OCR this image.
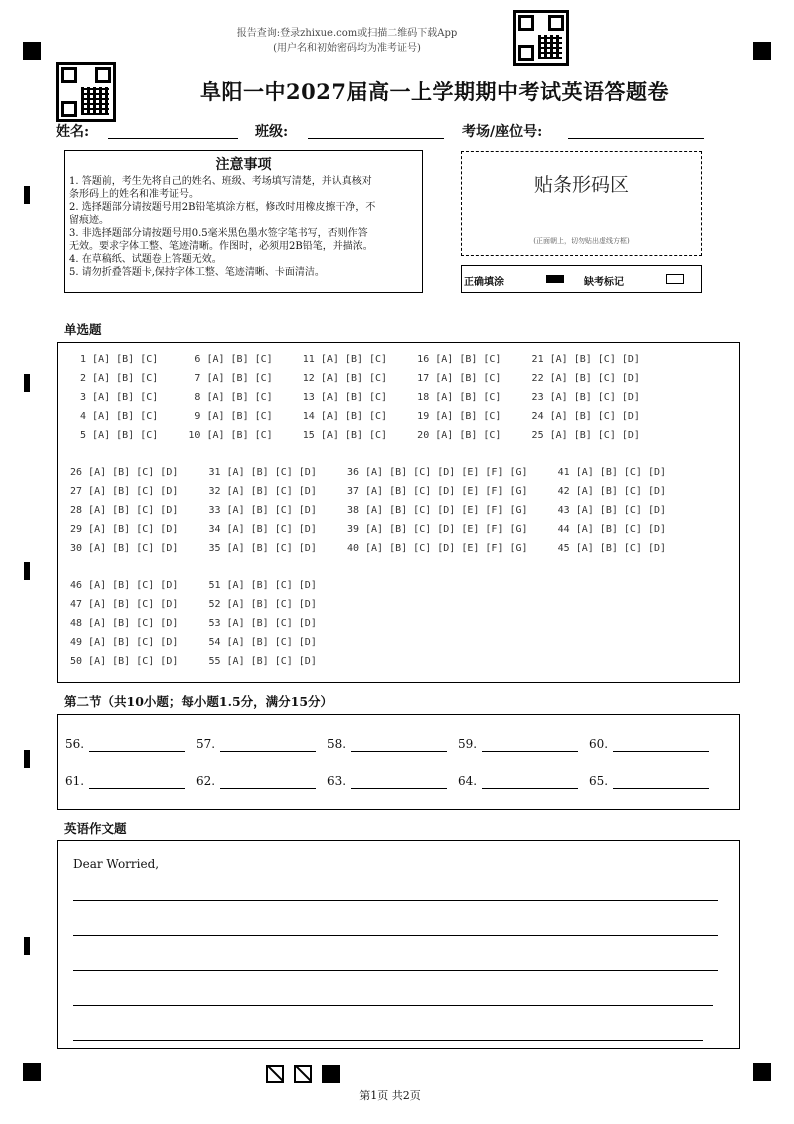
报告查询:登录zhixue.com或扫描二维码下载App
(用户名和初始密码均为准考证号)
阜阳一中2027届高一上学期期中考试英语答题卷
姓名:	班级:	考场/座位号:
注意事项
1. 答题前，考生先将自己的姓名、班级、考场填写清楚，并认真核对
条形码上的姓名和准考证号。
2. 选择题部分请按题号用2B铅笔填涂方框，修改时用橡皮擦干净，不
留痕迹。
3. 非选择题部分请按题号用0.5毫米黑色墨水签字笔书写，否则作答
无效。要求字体工整、笔迹清晰。作图时，必须用2B铅笔，并描浓。
4. 在草稿纸、试题卷上答题无效。
5. 请勿折叠答题卡,保持字体工整、笔迹清晰、卡面清洁。
贴条形码区
(正面朝上，切勿贴出虚线方框)
正确填涂	缺考标记
单选题
1 [A] [B] [C]      6 [A] [B] [C]     11 [A] [B] [C]     16 [A] [B] [C]     21 [A] [B] [C] [D]
2 [A] [B] [C]      7 [A] [B] [C]     12 [A] [B] [C]     17 [A] [B] [C]     22 [A] [B] [C] [D]
3 [A] [B] [C]      8 [A] [B] [C]     13 [A] [B] [C]     18 [A] [B] [C]     23 [A] [B] [C] [D]
4 [A] [B] [C]      9 [A] [B] [C]     14 [A] [B] [C]     19 [A] [B] [C]     24 [A] [B] [C] [D]
5 [A] [B] [C]     10 [A] [B] [C]     15 [A] [B] [C]     20 [A] [B] [C]     25 [A] [B] [C] [D]
26 [A] [B] [C] [D]     31 [A] [B] [C] [D]     36 [A] [B] [C] [D] [E] [F] [G]     41 [A] [B] [C] [D]
27 [A] [B] [C] [D]     32 [A] [B] [C] [D]     37 [A] [B] [C] [D] [E] [F] [G]     42 [A] [B] [C] [D]
28 [A] [B] [C] [D]     33 [A] [B] [C] [D]     38 [A] [B] [C] [D] [E] [F] [G]     43 [A] [B] [C] [D]
29 [A] [B] [C] [D]     34 [A] [B] [C] [D]     39 [A] [B] [C] [D] [E] [F] [G]     44 [A] [B] [C] [D]
30 [A] [B] [C] [D]     35 [A] [B] [C] [D]     40 [A] [B] [C] [D] [E] [F] [G]     45 [A] [B] [C] [D]
46 [A] [B] [C] [D]     51 [A] [B] [C] [D]
47 [A] [B] [C] [D]     52 [A] [B] [C] [D]
48 [A] [B] [C] [D]     53 [A] [B] [C] [D]
49 [A] [B] [C] [D]     54 [A] [B] [C] [D]
50 [A] [B] [C] [D]     55 [A] [B] [C] [D]
第二节（共10小题；每小题1.5分，满分15分）
56.	57.	58.	59.	60.
61.	62.	63.	64.	65.
英语作文题
Dear Worried,
第1页 共2页
